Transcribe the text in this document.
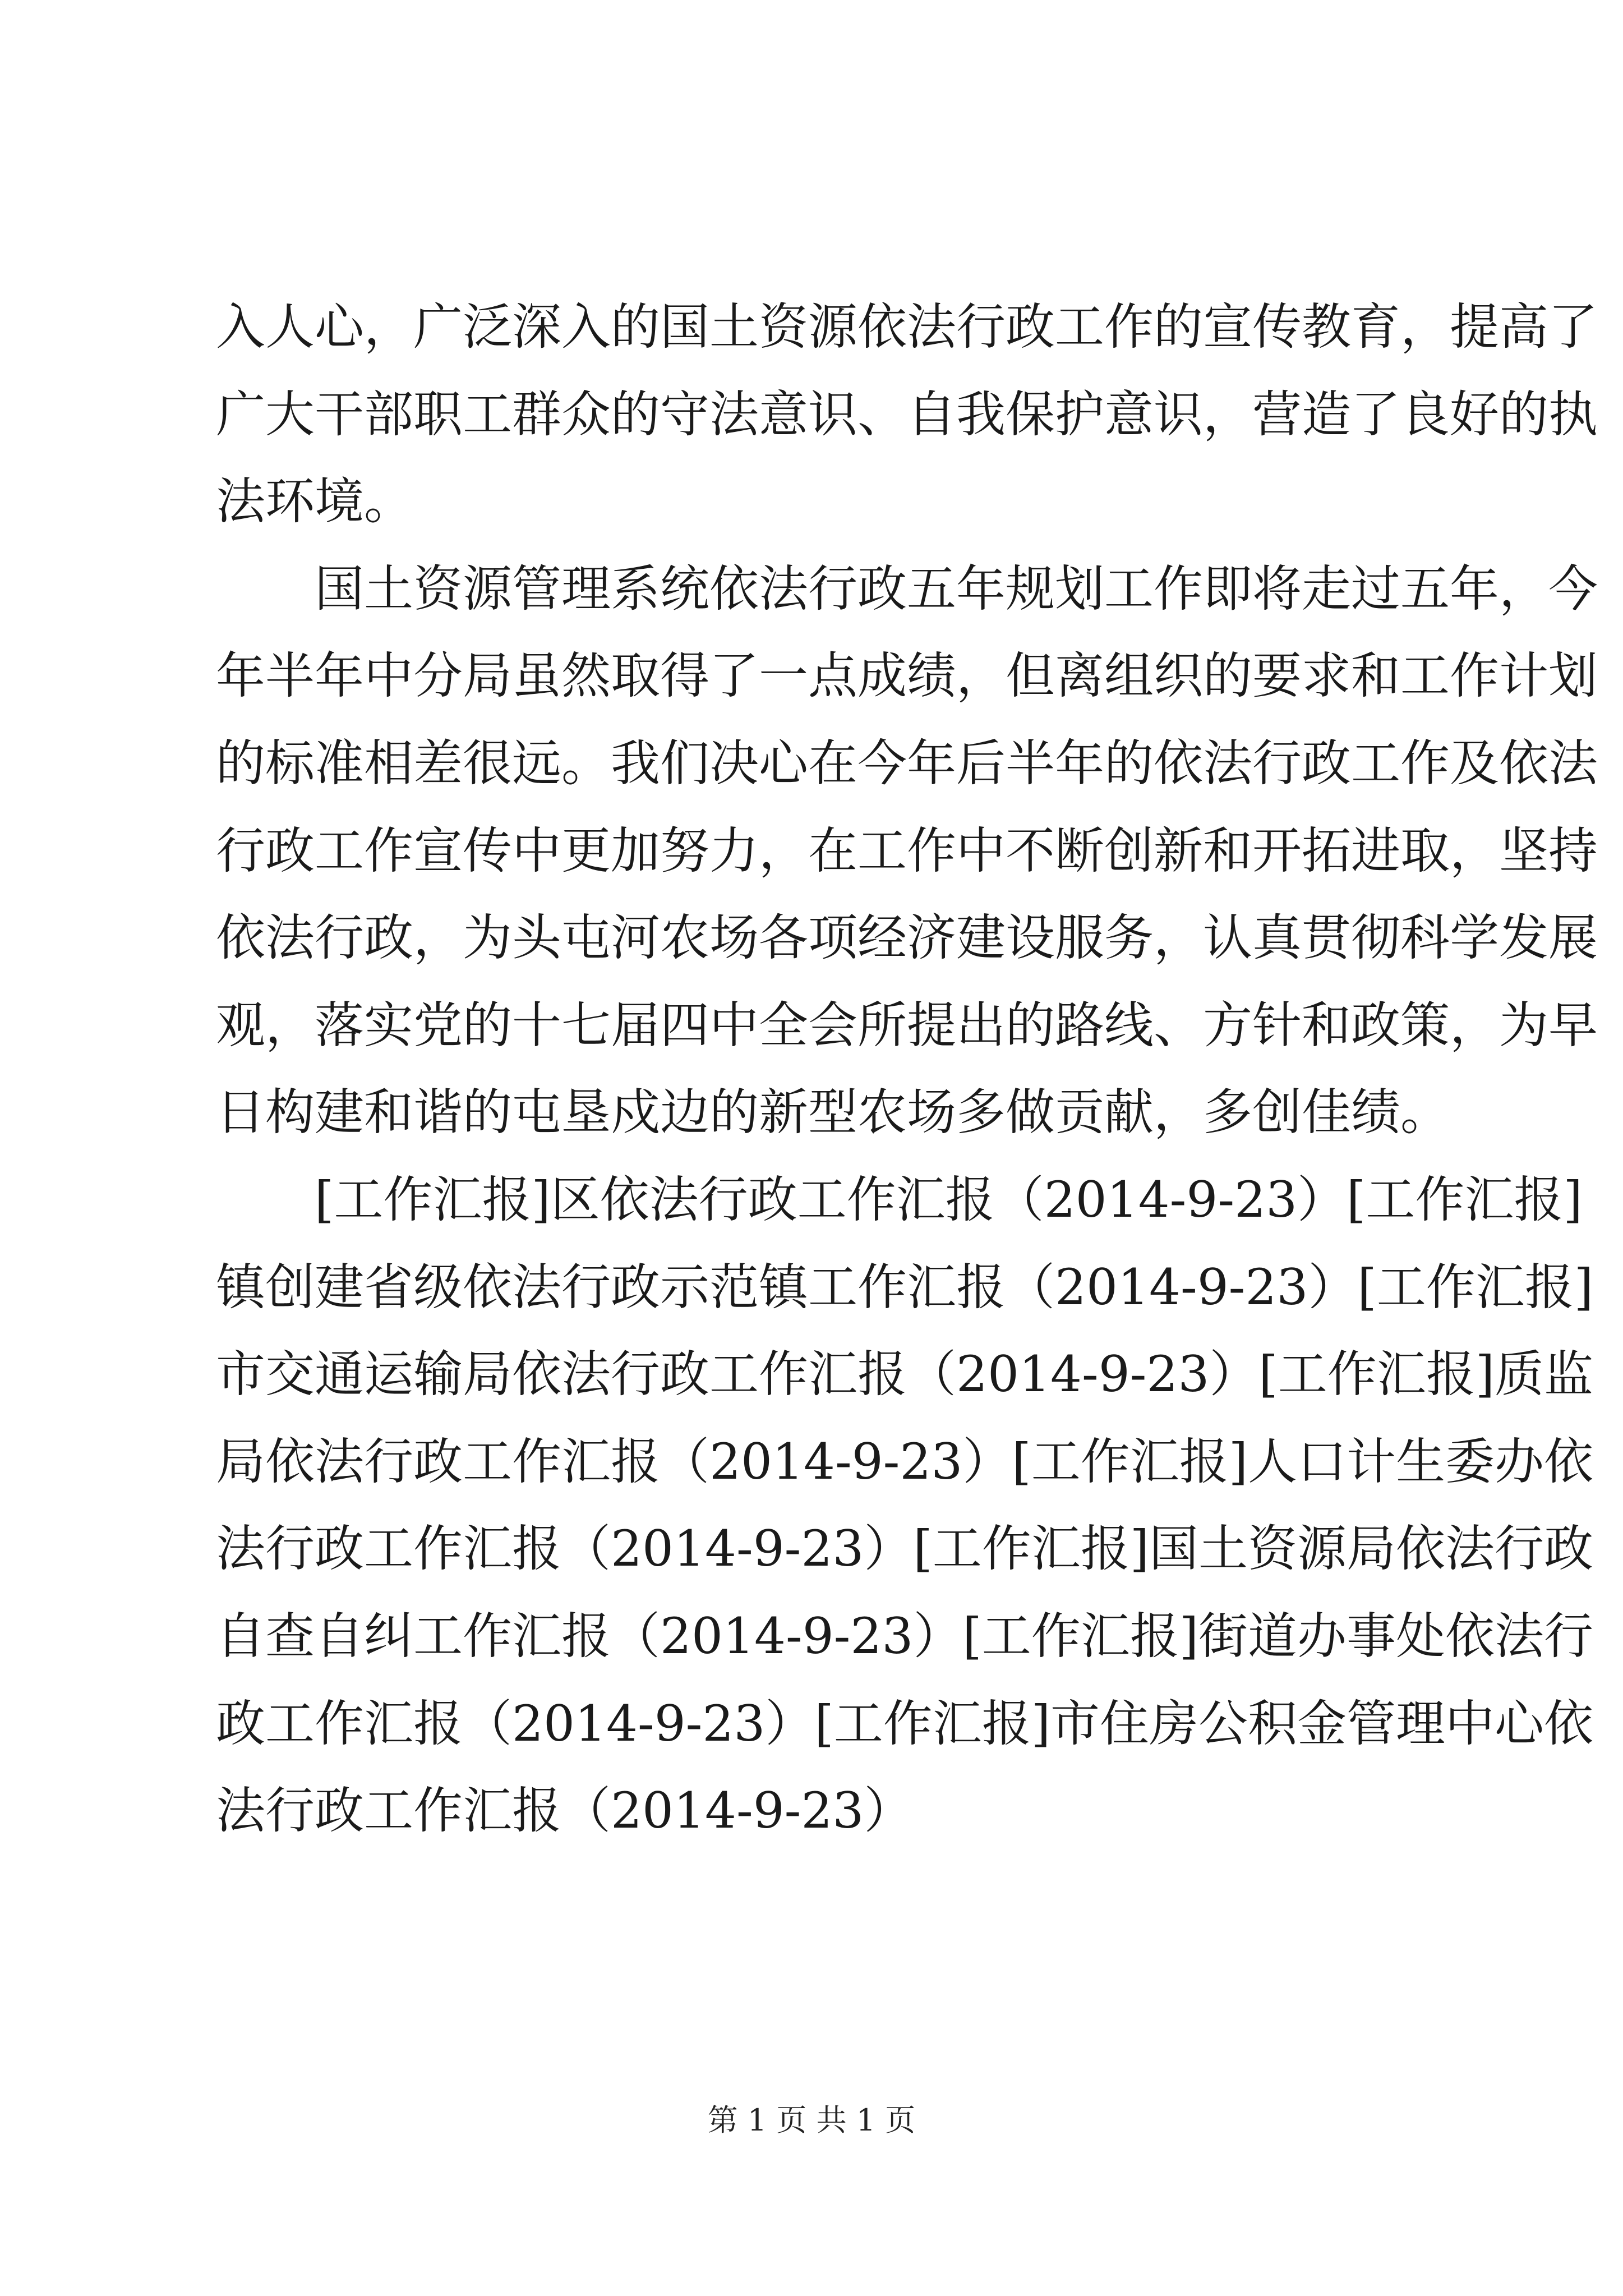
入人心，广泛深入的国土资源依法行政工作的宣传教育，提高了
广大干部职工群众的守法意识、自我保护意识，营造了良好的执
法环境。
　　国土资源管理系统依法行政五年规划工作即将走过五年，今
年半年中分局虽然取得了一点成绩，但离组织的要求和工作计划
的标准相差很远。我们决心在今年后半年的依法行政工作及依法
行政工作宣传中更加努力，在工作中不断创新和开拓进取，坚持
依法行政，为头屯河农场各项经济建设服务，认真贯彻科学发展
观，落实党的十七届四中全会所提出的路线、方针和政策，为早
日构建和谐的屯垦戍边的新型农场多做贡献，多创佳绩。
　　[工作汇报]区依法行政工作汇报（2014-9-23）[工作汇报]
镇创建省级依法行政示范镇工作汇报（2014-9-23）[工作汇报]
市交通运输局依法行政工作汇报（2014-9-23）[工作汇报]质监
局依法行政工作汇报（2014-9-23）[工作汇报]人口计生委办依
法行政工作汇报（2014-9-23）[工作汇报]国土资源局依法行政
自查自纠工作汇报（2014-9-23）[工作汇报]街道办事处依法行
政工作汇报（2014-9-23）[工作汇报]市住房公积金管理中心依
法行政工作汇报（2014-9-23）
第 1 页 共 1 页
